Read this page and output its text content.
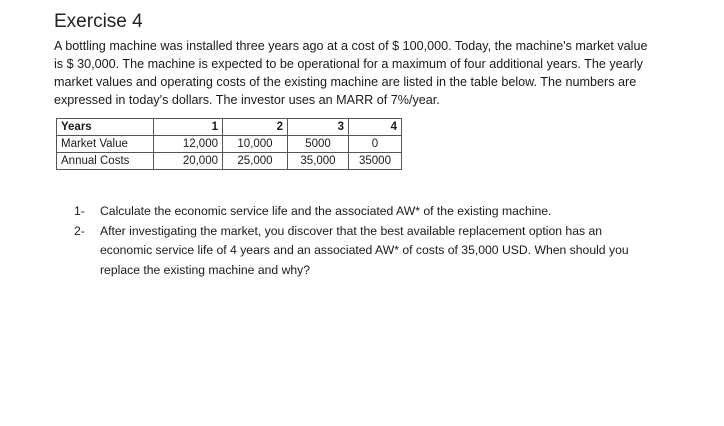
Exercise 4

A bottling machine was installed three years ago at a cost of $ 100,000. Today, the machine's market value is $ 30,000. The machine is expected to be operational for a maximum of four additional years. The yearly market values and operating costs of the existing machine are listed in the table below. The numbers are expressed in today's dollars. The investor uses an MARR of 7%/year.

Years	1	2	3	4
Market Value	12,000	10,000	5000	0
Annual Costs	20,000	25,000	35,000	35000
1- Calculate the economic service life and the associated AW* of the existing machine.
2- After investigating the market, you discover that the best available replacement option has an economic service life of 4 years and an associated AW* of costs of 35,000 USD. When should you replace the existing machine and why?
